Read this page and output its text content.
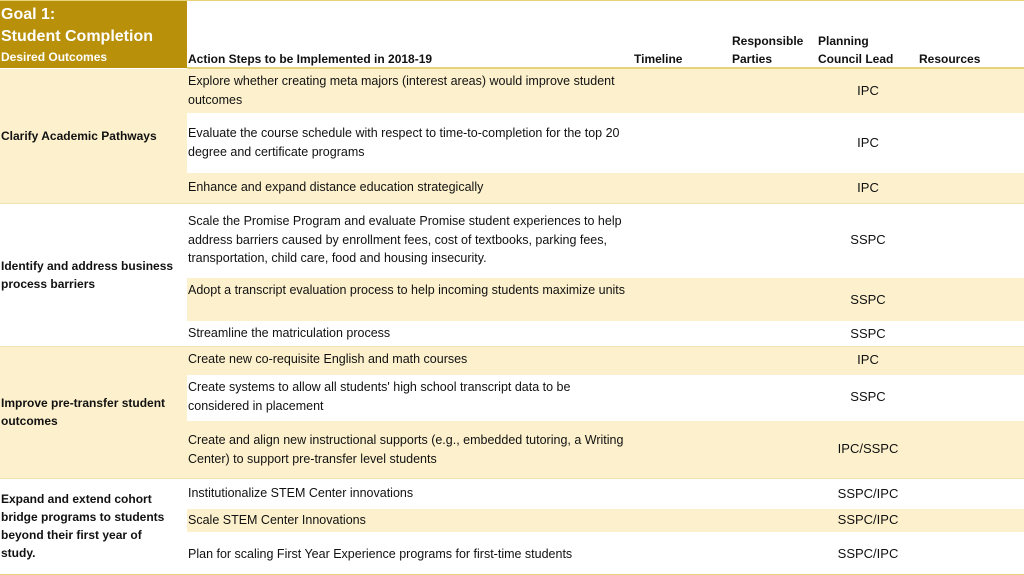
Goal 1:
Student Completion
Desired Outcomes	Action Steps to be Implemented in 2018-19	Timeline
Responsible
Parties
Planning
Council Lead Resources
Clarify Academic Pathways
Identify and address business process barriers
Improve pre-transfer student outcomes
Expand and extend cohort bridge programs to students beyond their first year of study.
Explore whether creating meta majors (interest areas) would improve student outcomes
Evaluate the course schedule with respect to time-to-completion for the top 20 degree and certificate programs
Enhance and expand distance education strategically
Scale the Promise Program and evaluate Promise student experiences to help address barriers caused by enrollment fees, cost of textbooks, parking fees, transportation, child care, food and housing insecurity.
Adopt a transcript evaluation process to help incoming students maximize units
Streamline the matriculation process
Create new co-requisite English and math courses
Create systems to allow all students' high school transcript data to be considered in placement
Create and align new instructional supports (e.g., embedded tutoring, a Writing Center) to support pre-transfer level students
Institutionalize STEM Center innovations
Scale STEM Center Innovations
Plan for scaling First Year Experience programs for first-time students
IPC
IPC
IPC
SSPC
SSPC
SSPC
IPC
SSPC
IPC/SSPC
SSPC/IPC
SSPC/IPC
SSPC/IPC
